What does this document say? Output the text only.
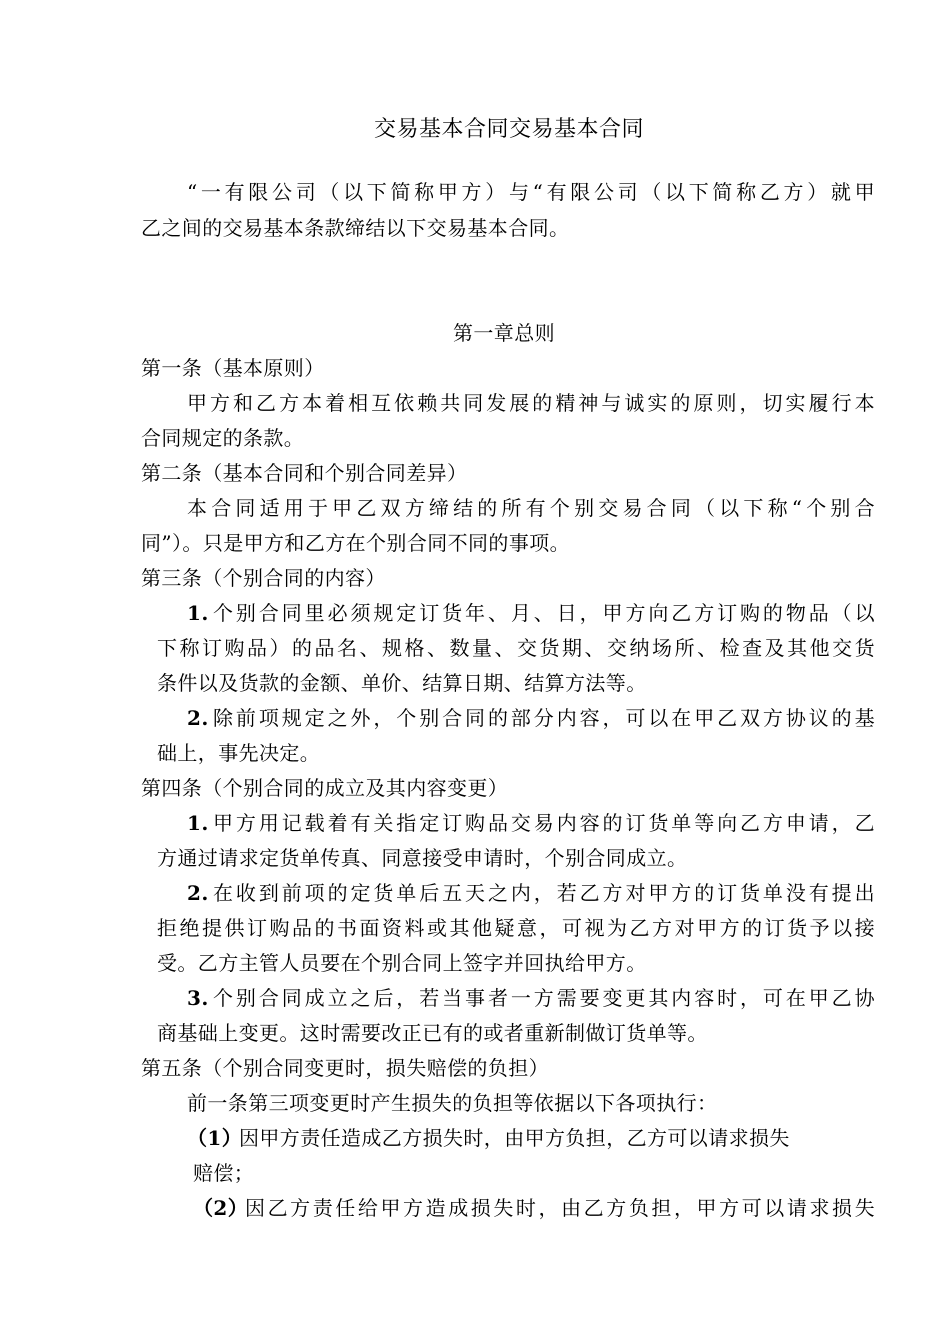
交易基本合同交易基本合同
“一有限公司（以下简称甲方）与“有限公司（以下简称乙方）就甲
乙之间的交易基本条款缔结以下交易基本合同。
第一章总则
第一条（基本原则）
甲方和乙方本着相互依赖共同发展的精神与诚实的原则，切实履行本
合同规定的条款。
第二条（基本合同和个别合同差异）
本合同适用于甲乙双方缔结的所有个别交易合同（以下称“个别合
同”）。只是甲方和乙方在个别合同不同的事项。
第三条（个别合同的内容）
1. 个别合同里必须规定订货年、月、日，甲方向乙方订购的物品（以
下称订购品）的品名、规格、数量、交货期、交纳场所、检查及其他交货
条件以及货款的金额、单价、结算日期、结算方法等。
2. 除前项规定之外，个别合同的部分内容，可以在甲乙双方协议的基
础上，事先决定。
第四条（个别合同的成立及其内容变更）
1. 甲方用记载着有关指定订购品交易内容的订货单等向乙方申请，乙
方通过请求定货单传真、同意接受申请时，个别合同成立。
2. 在收到前项的定货单后五天之内，若乙方对甲方的订货单没有提出
拒绝提供订购品的书面资料或其他疑意，可视为乙方对甲方的订货予以接
受。乙方主管人员要在个别合同上签字并回执给甲方。
3. 个别合同成立之后，若当事者一方需要变更其内容时，可在甲乙协
商基础上变更。这时需要改正已有的或者重新制做订货单等。
第五条（个别合同变更时，损失赔偿的负担）
前一条第三项变更时产生损失的负担等依据以下各项执行：
（1）
因甲方责任造成乙方损失时，由甲方负担，乙方可以请求损失
赔偿；
（2）
因乙方责任给甲方造成损失时，由乙方负担，甲方可以请求损失
